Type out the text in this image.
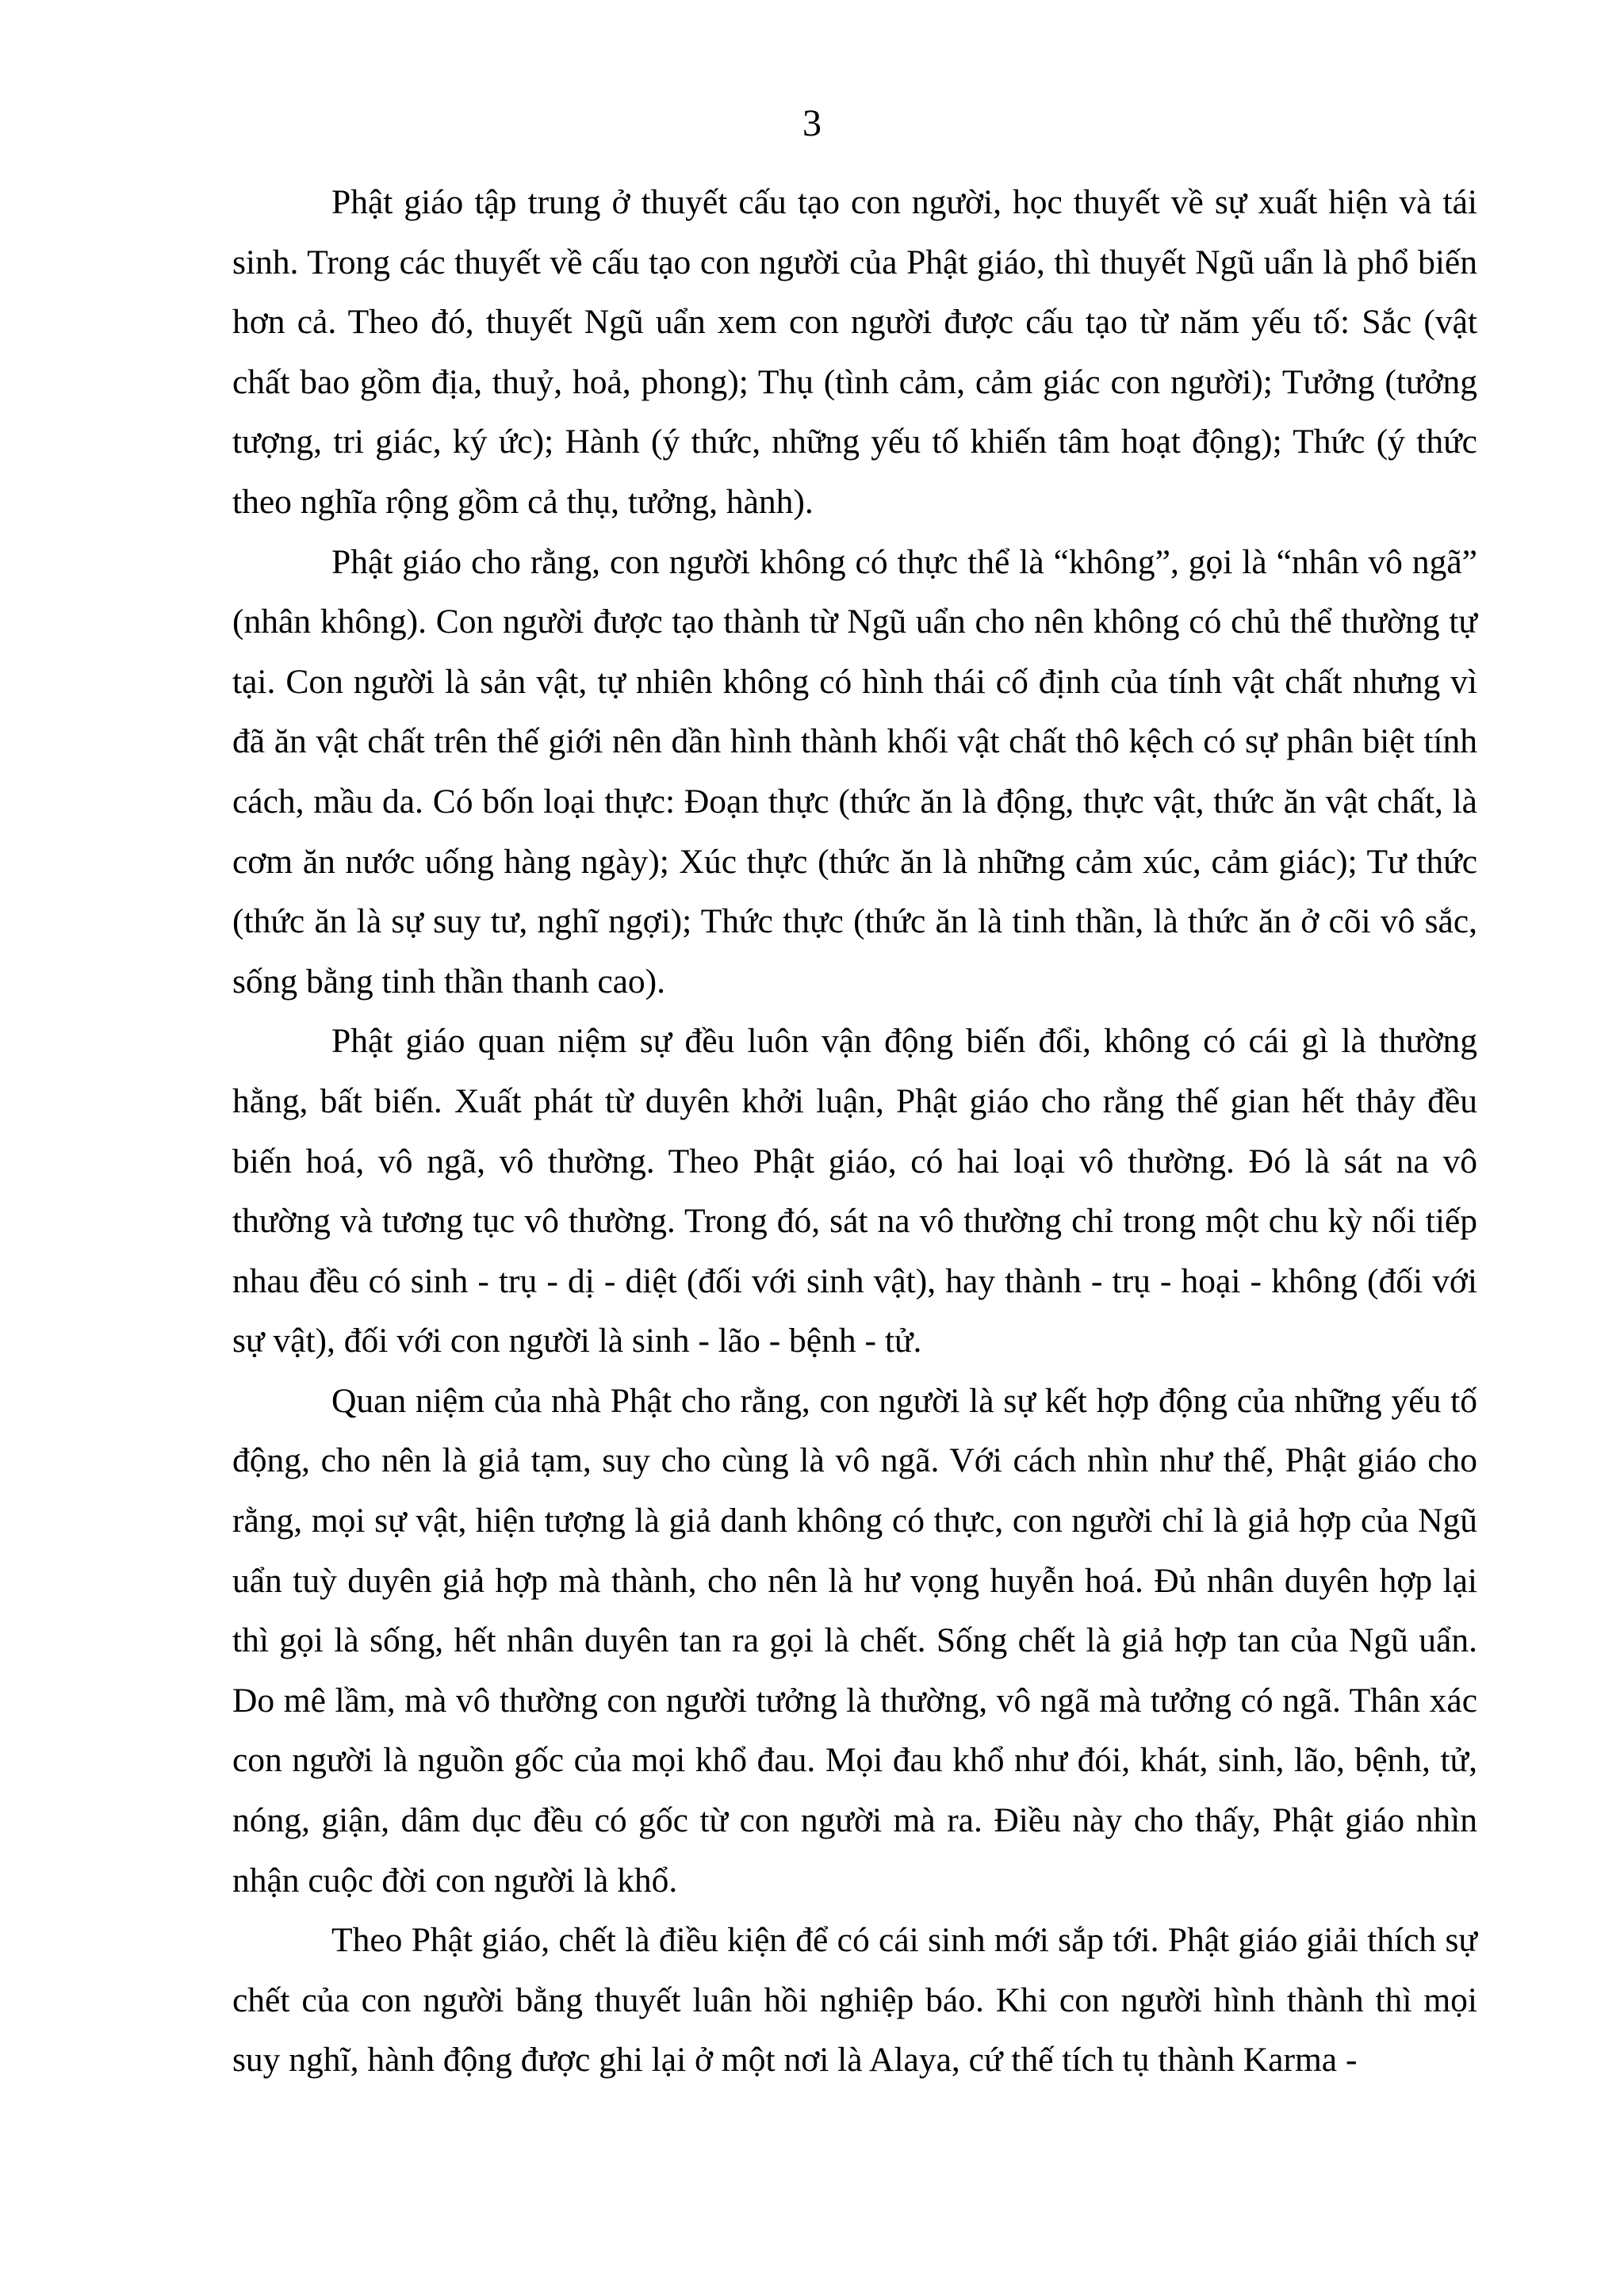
3

Phật giáo tập trung ở thuyết cấu tạo con người, học thuyết về sự xuất hiện và tái sinh. Trong các thuyết về cấu tạo con người của Phật giáo, thì thuyết Ngũ uẩn là phổ biến hơn cả. Theo đó, thuyết Ngũ uẩn xem con người được cấu tạo từ năm yếu tố: Sắc (vật chất bao gồm địa, thuỷ, hoả, phong); Thụ (tình cảm, cảm giác con người); Tưởng (tưởng tượng, tri giác, ký ức); Hành (ý thức, những yếu tố khiến tâm hoạt động); Thức (ý thức theo nghĩa rộng gồm cả thụ, tưởng, hành).

Phật giáo cho rằng, con người không có thực thể là “không”, gọi là “nhân vô ngã” (nhân không). Con người được tạo thành từ Ngũ uẩn cho nên không có chủ thể thường tự tại. Con người là sản vật, tự nhiên không có hình thái cố định của tính vật chất nhưng vì đã ăn vật chất trên thế giới nên dần hình thành khối vật chất thô kệch có sự phân biệt tính cách, mầu da. Có bốn loại thực: Đoạn thực (thức ăn là động, thực vật, thức ăn vật chất, là cơm ăn nước uống hàng ngày); Xúc thực (thức ăn là những cảm xúc, cảm giác); Tư thức (thức ăn là sự suy tư, nghĩ ngợi); Thức thực (thức ăn là tinh thần, là thức ăn ở cõi vô sắc, sống bằng tinh thần thanh cao).

Phật giáo quan niệm sự đều luôn vận động biến đổi, không có cái gì là thường hằng, bất biến. Xuất phát từ duyên khởi luận, Phật giáo cho rằng thế gian hết thảy đều biến hoá, vô ngã, vô thường. Theo Phật giáo, có hai loại vô thường. Đó là sát na vô thường và tương tục vô thường. Trong đó, sát na vô thường chỉ trong một chu kỳ nối tiếp nhau đều có sinh - trụ - dị - diệt (đối với sinh vật), hay thành - trụ - hoại - không (đối với sự vật), đối với con người là sinh - lão - bệnh - tử.

Quan niệm của nhà Phật cho rằng, con người là sự kết hợp động của những yếu tố động, cho nên là giả tạm, suy cho cùng là vô ngã. Với cách nhìn như thế, Phật giáo cho rằng, mọi sự vật, hiện tượng là giả danh không có thực, con người chỉ là giả hợp của Ngũ uẩn tuỳ duyên giả hợp mà thành, cho nên là hư vọng huyễn hoá. Đủ nhân duyên hợp lại thì gọi là sống, hết nhân duyên tan ra gọi là chết. Sống chết là giả hợp tan của Ngũ uẩn. Do mê lầm, mà vô thường con người tưởng là thường, vô ngã mà tưởng có ngã. Thân xác con người là nguồn gốc của mọi khổ đau. Mọi đau khổ như đói, khát, sinh, lão, bệnh, tử, nóng, giận, dâm dục đều có gốc từ con người mà ra. Điều này cho thấy, Phật giáo nhìn nhận cuộc đời con người là khổ.

Theo Phật giáo, chết là điều kiện để có cái sinh mới sắp tới. Phật giáo giải thích sự chết của con người bằng thuyết luân hồi nghiệp báo. Khi con người hình thành thì mọi suy nghĩ, hành động được ghi lại ở một nơi là Alaya, cứ thế tích tụ thành Karma -
